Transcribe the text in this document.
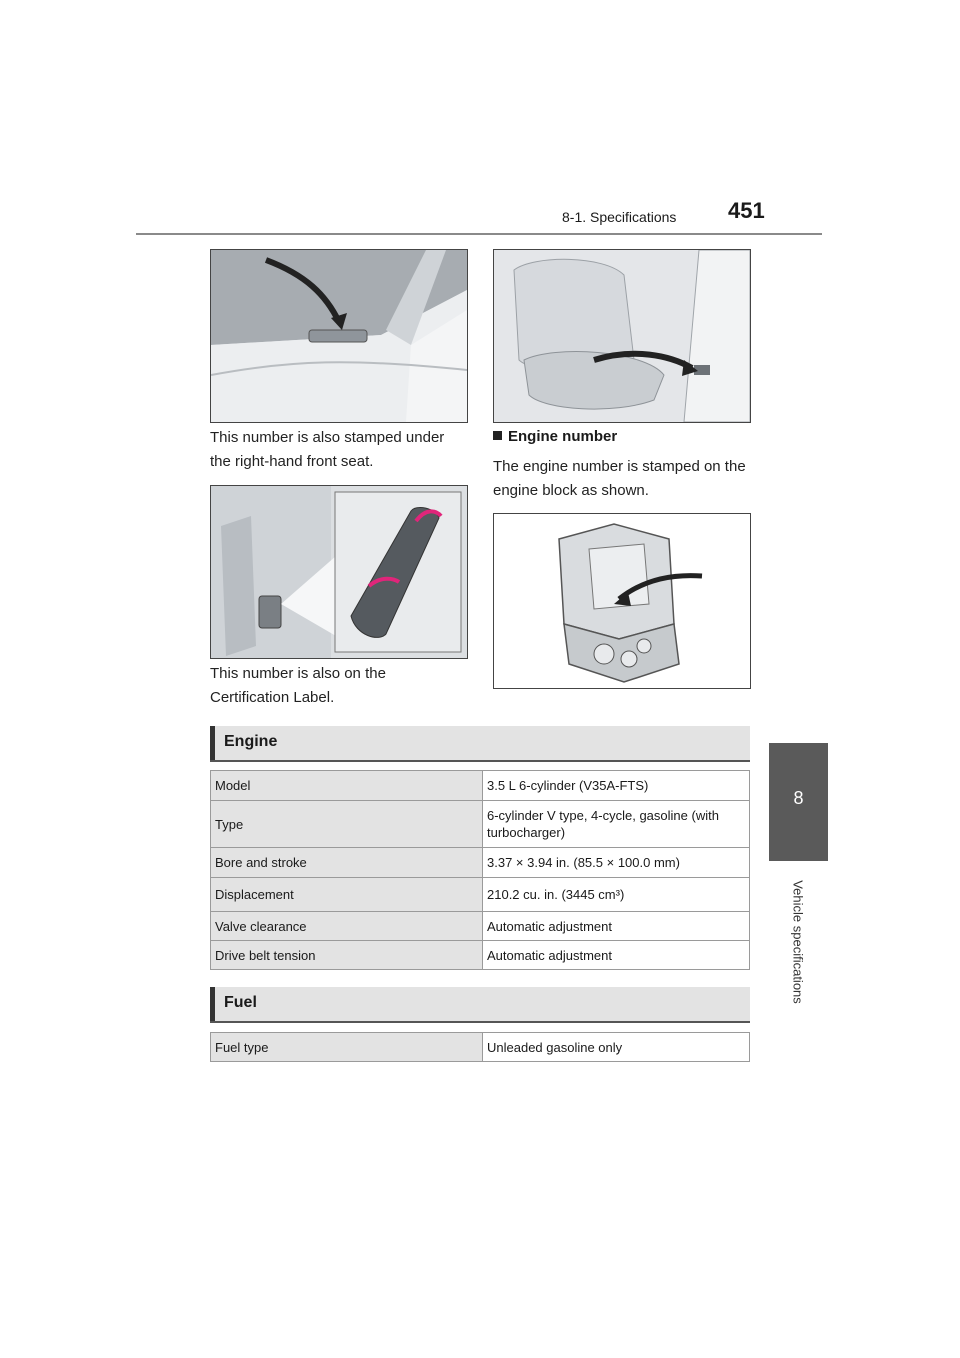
8-1. Specifications 451
8
Vehicle specifications
This number is also stamped under the right-hand front seat.
Engine number
The engine number is stamped on the engine block as shown.
This number is also on the Certification Label.
Engine
Model	3.5 L 6-cylinder (V35A-FTS)
Type	6-cylinder V type, 4-cycle, gasoline (with turbocharger)
Bore and stroke	3.37 × 3.94 in. (85.5 × 100.0 mm)
Displacement	210.2 cu. in. (3445 cm³)
Valve clearance	Automatic adjustment
Drive belt tension	Automatic adjustment
Fuel
Fuel type	Unleaded gasoline only
